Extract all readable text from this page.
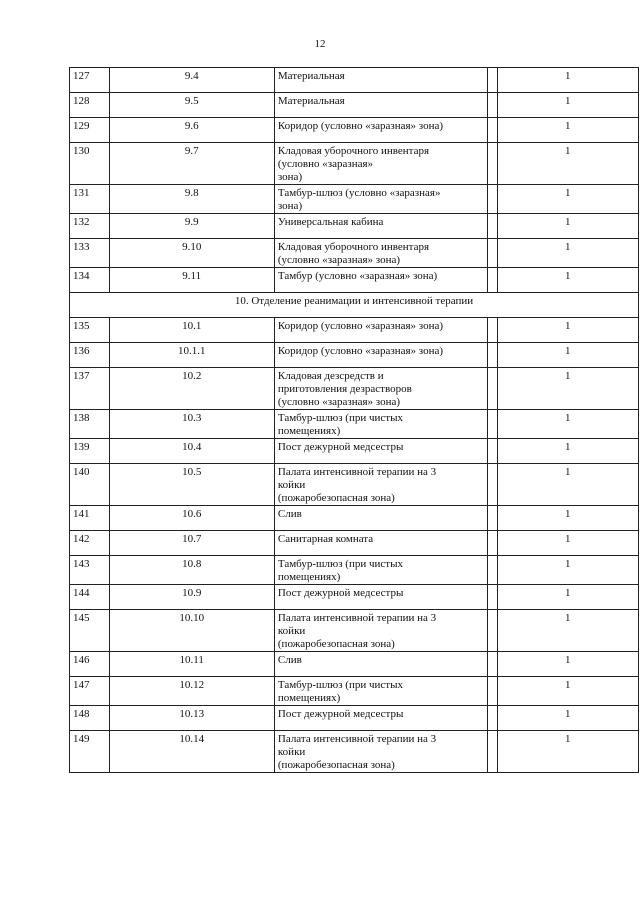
12
127	9.4	Материальная		1
128	9.5	Материальная		1
129	9.6	Коридор (условно «заразная» зона)		1
130	9.7	Кладовая уборочного инвентаря
(условно «заразная»
зона)		1
131	9.8	Тамбур-шлюз (условно «заразная»
зона)		1
132	9.9	Универсальная кабина		1
133	9.10	Кладовая уборочного инвентаря
(условно «заразная» зона)		1
134	9.11	Тамбур (условно «заразная» зона)		1
10. Отделение реанимации и интенсивной терапии				
135	10.1	Коридор (условно «заразная» зона)		1
136	10.1.1	Коридор (условно «заразная» зона)		1
137	10.2	Кладовая дезсредств и
приготовления дезрастворов
(условно «заразная» зона)		1
138	10.3	Тамбур-шлюз (при чистых
помещениях)		1
139	10.4	Пост дежурной медсестры		1
140	10.5	Палата интенсивной терапии на 3
койки
(пожаробезопасная зона)		1
141	10.6	Слив		1
142	10.7	Санитарная комната		1
143	10.8	Тамбур-шлюз (при чистых
помещениях)		1
144	10.9	Пост дежурной медсестры		1
145	10.10	Палата интенсивной терапии на 3
койки
(пожаробезопасная зона)		1
146	10.11	Слив		1
147	10.12	Тамбур-шлюз (при чистых
помещениях)		1
148	10.13	Пост дежурной медсестры		1
149	10.14	Палата интенсивной терапии на 3
койки
(пожаробезопасная зона)		1
